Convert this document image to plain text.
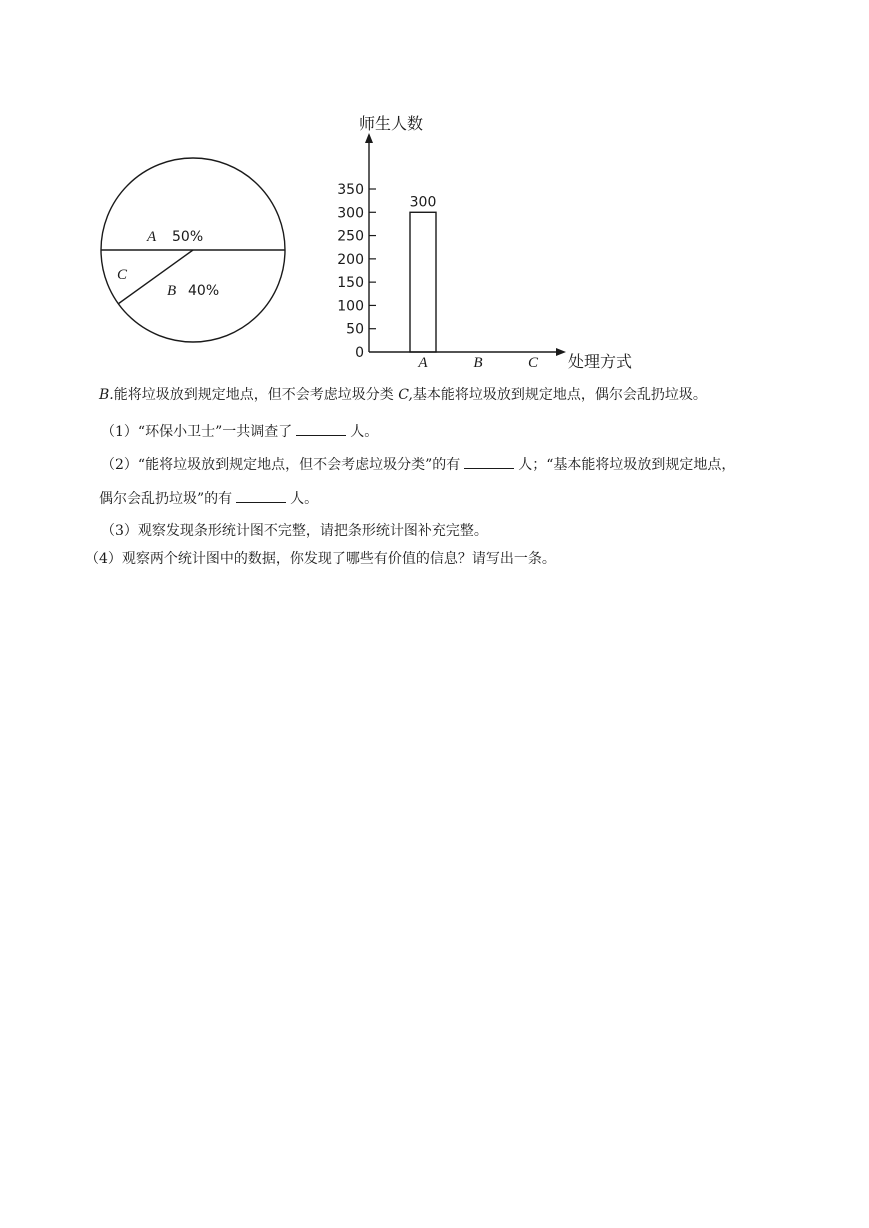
A 50%
B 40%
C
师生人数
处理方式
0
50
100
150
200
250
300
350
A
300
B	C
B.能将垃圾放到规定地点，但不会考虑垃圾分类 C,基本能将垃圾放到规定地点，偶尔会乱扔垃圾。
（1）“环保小卫士”一共调查了	人。
（2）“能将垃圾放到规定地点，但不会考虑垃圾分类”的有	人；“基本能将垃圾放到规定地点，
偶尔会乱扔垃圾”的有	人。
（3）观察发现条形统计图不完整，请把条形统计图补充完整。
（4）观察两个统计图中的数据，你发现了哪些有价值的信息？请写出一条。
